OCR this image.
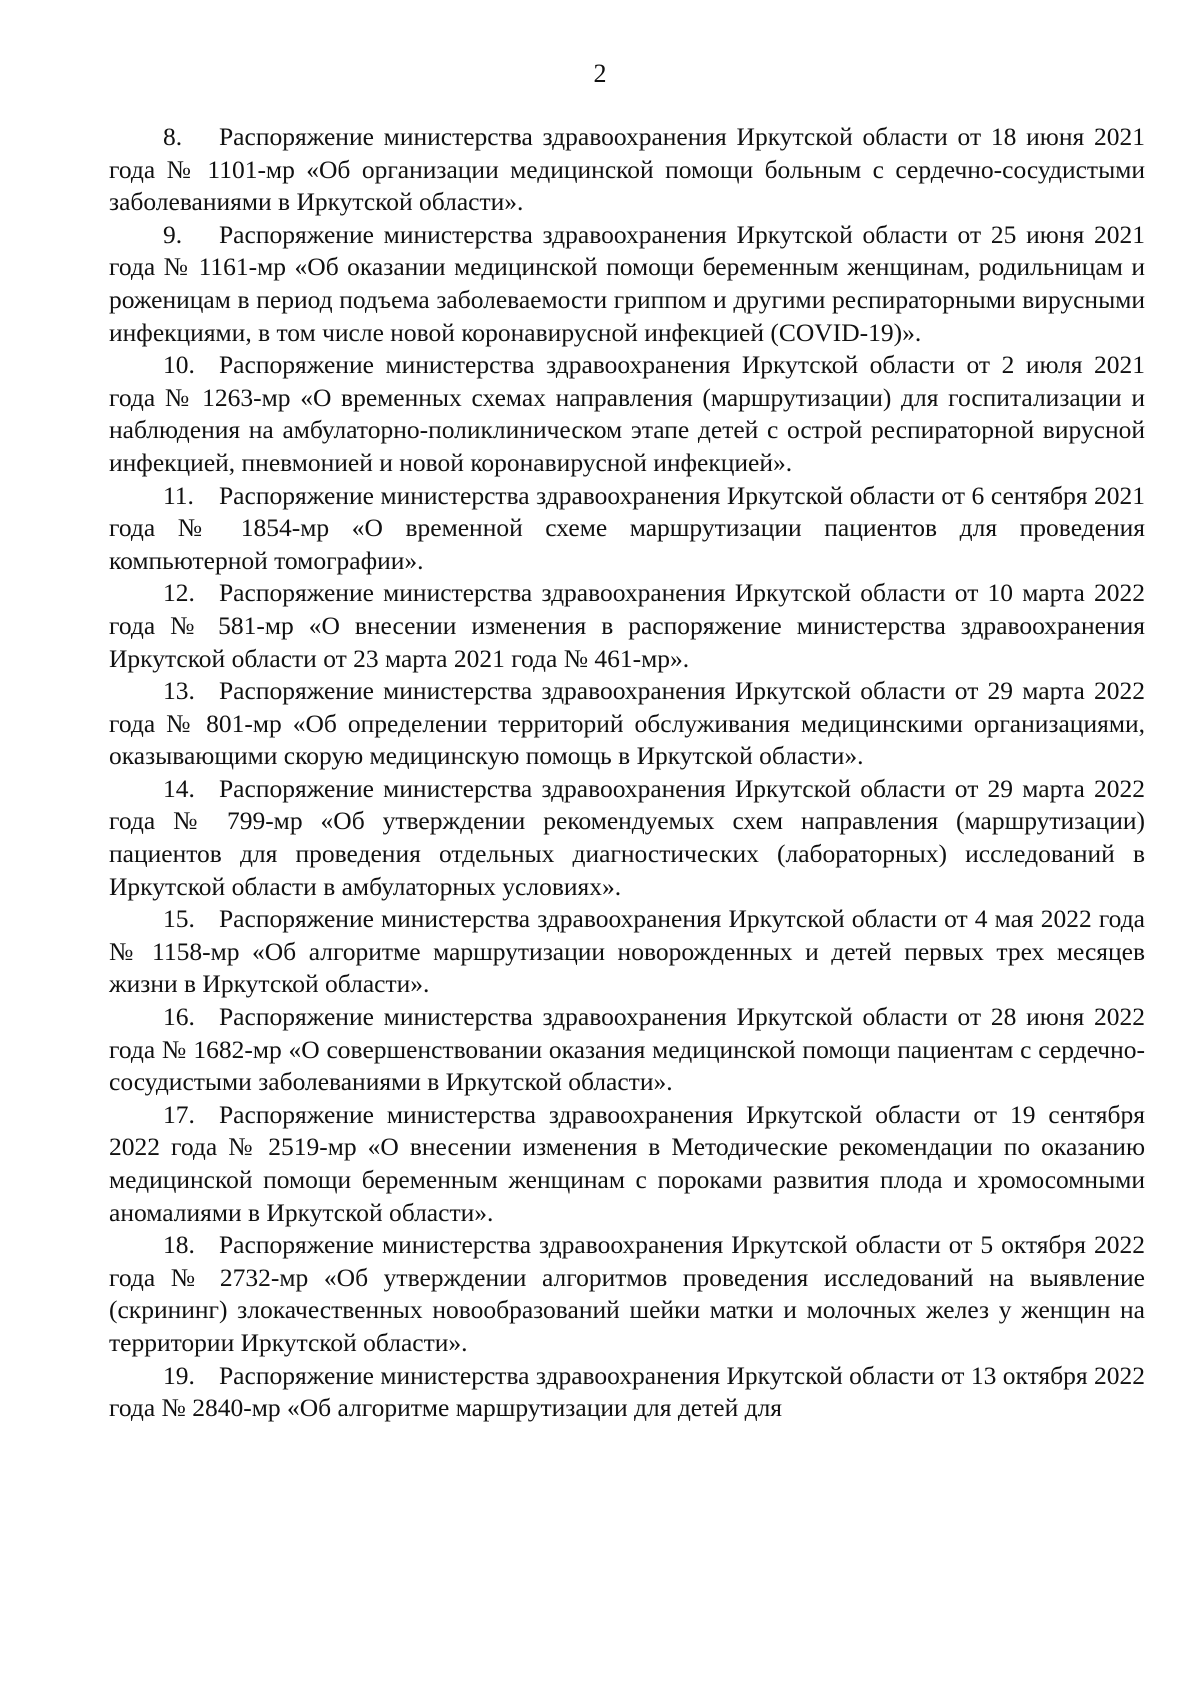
2

8. Распоряжение министерства здравоохранения Иркутской области от 18 июня 2021 года № 1101-мр «Об организации медицинской помощи больным с сердечно-сосудистыми заболеваниями в Иркутской области».

9. Распоряжение министерства здравоохранения Иркутской области от 25 июня 2021 года № 1161-мр «Об оказании медицинской помощи беременным женщинам, родильницам и роженицам в период подъема заболеваемости гриппом и другими респираторными вирусными инфекциями, в том числе новой коронавирусной инфекцией (COVID-19)».

10. Распоряжение министерства здравоохранения Иркутской области от 2 июля 2021 года № 1263-мр «О временных схемах направления (маршрутизации) для госпитализации и наблюдения на амбулаторно-поликлиническом этапе детей с острой респираторной вирусной инфекцией, пневмонией и новой коронавирусной инфекцией».

11. Распоряжение министерства здравоохранения Иркутской области от 6 сентября 2021 года № 1854-мр «О временной схеме маршрутизации пациентов для проведения компьютерной томографии».

12. Распоряжение министерства здравоохранения Иркутской области от 10 марта 2022 года № 581-мр «О внесении изменения в распоряжение министерства здравоохранения Иркутской области от 23 марта 2021 года № 461-мр».

13. Распоряжение министерства здравоохранения Иркутской области от 29 марта 2022 года № 801-мр «Об определении территорий обслуживания медицинскими организациями, оказывающими скорую медицинскую помощь в Иркутской области».

14. Распоряжение министерства здравоохранения Иркутской области от 29 марта 2022 года № 799-мр «Об утверждении рекомендуемых схем направления (маршрутизации) пациентов для проведения отдельных диагностических (лабораторных) исследований в Иркутской области в амбулаторных условиях».

15. Распоряжение министерства здравоохранения Иркутской области от 4 мая 2022 года № 1158-мр «Об алгоритме маршрутизации новорожденных и детей первых трех месяцев жизни в Иркутской области».

16. Распоряжение министерства здравоохранения Иркутской области от 28 июня 2022 года № 1682-мр «О совершенствовании оказания медицинской помощи пациентам с сердечно-сосудистыми заболеваниями в Иркутской области».

17. Распоряжение министерства здравоохранения Иркутской области от 19 сентября 2022 года № 2519-мр «О внесении изменения в Методические рекомендации по оказанию медицинской помощи беременным женщинам с пороками развития плода и хромосомными аномалиями в Иркутской области».

18. Распоряжение министерства здравоохранения Иркутской области от 5 октября 2022 года № 2732-мр «Об утверждении алгоритмов проведения исследований на выявление (скрининг) злокачественных новообразований шейки матки и молочных желез у женщин на территории Иркутской области».

19. Распоряжение министерства здравоохранения Иркутской области от 13 октября 2022 года № 2840-мр «Об алгоритме маршрутизации для детей для
